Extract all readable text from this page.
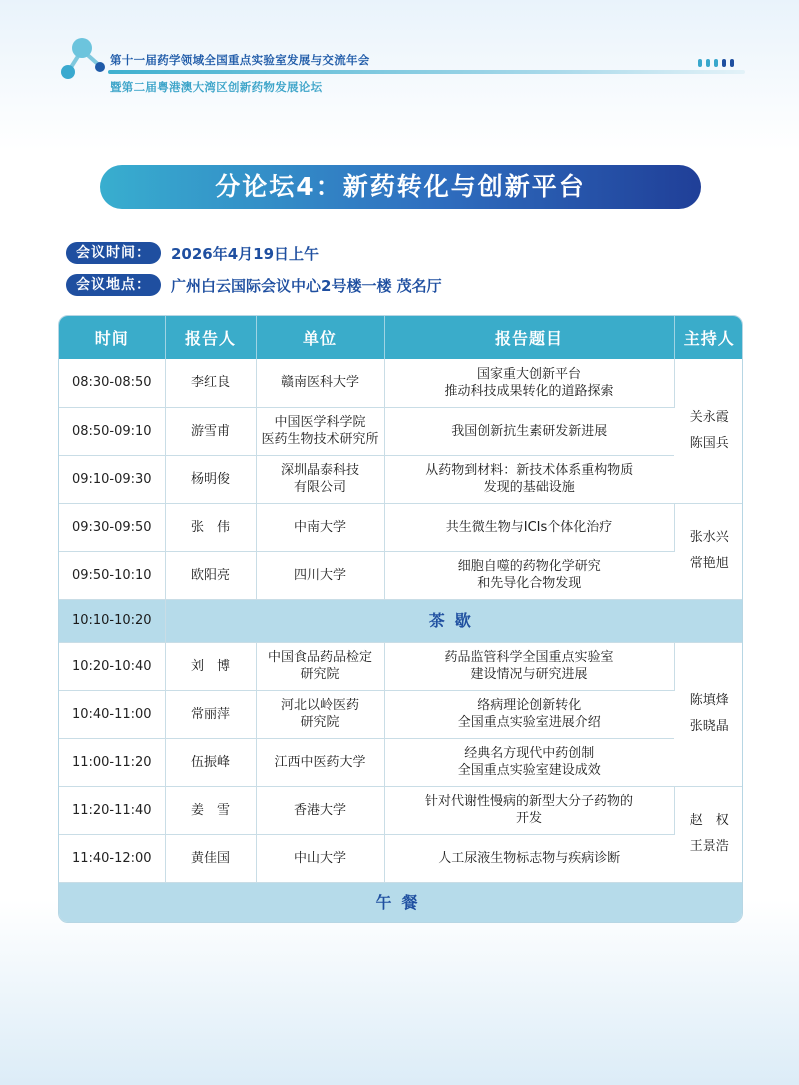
第十一届药学领域全国重点实验室发展与交流年会
暨第二届粤港澳大湾区创新药物发展论坛
分论坛4：新药转化与创新平台
会议时间：	2026年4月19日上午
会议地点：	广州白云国际会议中心2号楼一楼 茂名厅
时间	报告人	单位	报告题目	主持人
08:30-08:50	李红良	赣南医科大学	国家重大创新平台
推动科技成果转化的道路探索	关永霞
陈国兵

08:50-09:10	游雪甫	中国医学科学院
医药生物技术研究所	我国创新抗生素研发新进展	

09:10-09:30	杨明俊	深圳晶泰科技
有限公司	从药物到材料：新技术体系重构物质
发现的基础设施	

09:30-09:50	张　伟	中南大学	共生微生物与ICIs个体化治疗	张水兴
常艳旭

09:50-10:10	欧阳亮	四川大学	细胞自噬的药物化学研究
和先导化合物发现	

10:10-10:20	茶歇			
10:20-10:40	刘　博	中国食品药品检定
研究院	药品监管科学全国重点实验室
建设情况与研究进展	陈填烽
张晓晶

10:40-11:00	常丽萍	河北以岭医药
研究院	络病理论创新转化
全国重点实验室进展介绍	

11:00-11:20	伍振峰	江西中医药大学	经典名方现代中药创制
全国重点实验室建设成效	

11:20-11:40	姜　雪	香港大学	针对代谢性慢病的新型大分子药物的
开发	赵　权
王景浩

11:40-12:00	黄佳国	中山大学	人工尿液生物标志物与疾病诊断	

午餐				
